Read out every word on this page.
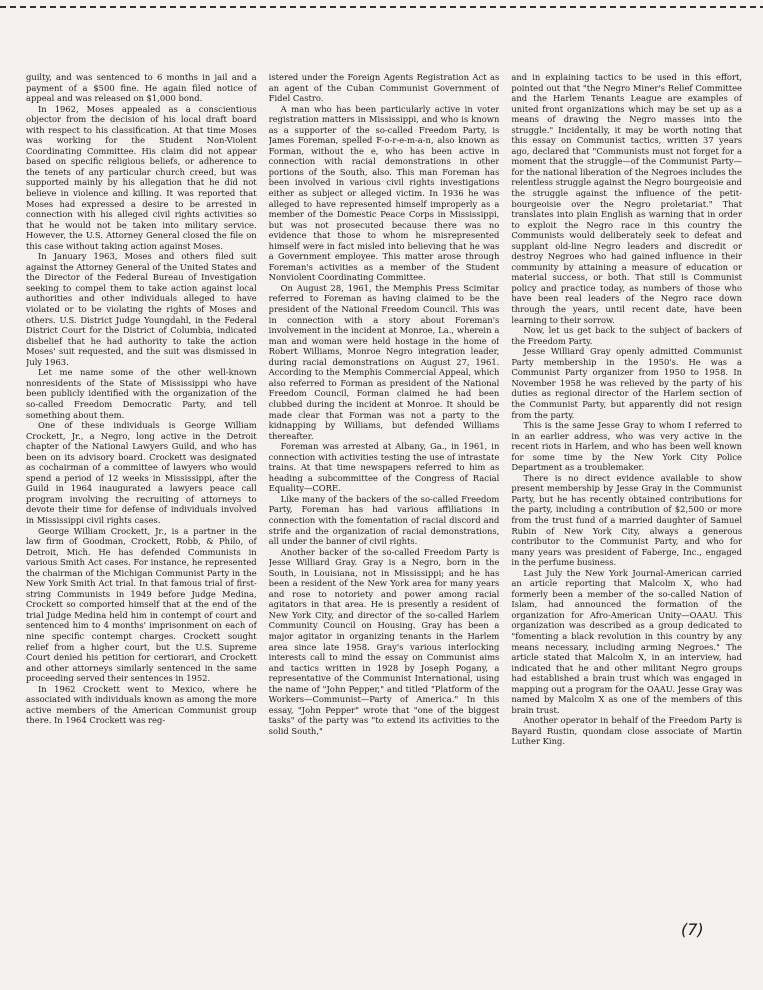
guilty, and was sentenced to 6 months in jail and a payment of a $500 fine. He again filed notice of appeal and was released on $1,000 bond.

In 1962, Moses appealed as a conscientious objector from the decision of his local draft board with respect to his classification. At that time Moses was working for the Student Non-Violent Coordinating Committee. His claim did not appear based on specific religious beliefs, or adherence to the tenets of any particular church creed, but was supported mainly by his allegation that he did not believe in violence and killing. It was reported that Moses had expressed a desire to be arrested in connection with his alleged civil rights activities so that he would not be taken into military service. However, the U.S. Attorney General closed the file on this case without taking action against Moses.

In January 1963, Moses and others filed suit against the Attorney General of the United States and the Director of the Federal Bureau of Investigation seeking to compel them to take action against local authorities and other individuals alleged to have violated or to be violating the rights of Moses and others. U.S. District Judge Youngdahl, in the Federal District Court for the District of Columbia, indicated disbelief that he had authority to take the action Moses' suit requested, and the suit was dismissed in July 1963.

Let me name some of the other well-known nonresidents of the State of Mississippi who have been publicly identified with the organization of the so-called Freedom Democratic Party, and tell something about them.

One of these individuals is George William Crockett, Jr., a Negro, long active in the Detroit chapter of the National Lawyers Guild, and who has been on its advisory board. Crockett was designated as cochairman of a committee of lawyers who would spend a period of 12 weeks in Mississippi, after the Guild in 1964 inaugurated a lawyers peace call program involving the recruiting of attorneys to devote their time for defense of individuals involved in Mississippi civil rights cases.

George William Crockett, Jr., is a partner in the law firm of Goodman, Crockett, Robb, & Philo, of Detroit, Mich. He has defended Communists in various Smith Act cases. For instance, he represented the chairman of the Michigan Communist Party in the New York Smith Act trial. In that famous trial of first-string Communists in 1949 before Judge Medina, Crockett so comported himself that at the end of the trial Judge Medina held him in contempt of court and sentenced him to 4 months' imprisonment on each of nine specific contempt charges. Crockett sought relief from a higher court, but the U.S. Supreme Court denied his petition for certiorari, and Crockett and other attorneys similarly sentenced in the same proceeding served their sentences in 1952.

In 1962 Crockett went to Mexico, where he associated with individuals known as among the more active members of the American Communist group there. In 1964 Crockett was reg-

istered under the Foreign Agents Registration Act as an agent of the Cuban Communist Government of Fidel Castro.

A man who has been particularly active in voter registration matters in Mississippi, and who is known as a supporter of the so-called Freedom Party, is James Foreman, spelled F-o-r-e-m-a-n, also known as Forman, without the e, who has been active in connection with racial demonstrations in other portions of the South, also. This man Foreman has been involved in various civil rights investigations either as subject or alleged victim. In 1936 he was alleged to have represented himself improperly as a member of the Domestic Peace Corps in Mississippi, but was not prosecuted because there was no evidence that those to whom he misrepresented himself were in fact misled into believing that he was a Government employee. This matter arose through Foreman's activities as a member of the Student Nonviolent Coordinating Committee.

On August 28, 1961, the Memphis Press Scimitar referred to Foreman as having claimed to be the president of the National Freedom Council. This was in connection with a story about Foreman's involvement in the incident at Monroe, La., wherein a man and woman were held hostage in the home of Robert Williams, Monroe Negro integration leader, during racial demonstrations on August 27, 1961. According to the Memphis Commercial Appeal, which also referred to Forman as president of the National Freedom Council, Forman claimed he had been clubbed during the incident at Monroe. It should be made clear that Forman was not a party to the kidnapping by Williams, but defended Williams thereafter.

Foreman was arrested at Albany, Ga., in 1961, in connection with activities testing the use of intrastate trains. At that time newspapers referred to him as heading a subcommittee of the Congress of Racial Equality—CORE.

Like many of the backers of the so-called Freedom Party, Foreman has had various affiliations in connection with the fomentation of racial discord and strife and the organization of racial demonstrations, all under the banner of civil rights.

Another backer of the so-called Freedom Party is Jesse Williard Gray. Gray is a Negro, born in the South, in Louisiana, not in Mississippi; and he has been a resident of the New York area for many years and rose to notoriety and power among racial agitators in that area. He is presently a resident of New York City, and director of the so-called Harlem Community Council on Housing. Gray has been a major agitator in organizing tenants in the Harlem area since late 1958. Gray's various interlocking interests call to mind the essay on Communist aims and tactics written in 1928 by Joseph Pogany, a representative of the Communist International, using the name of "John Pepper," and titled "Platform of the Workers—Communist—Party of America." In this essay, "John Pepper" wrote that "one of the biggest tasks" of the party was "to extend its activities to the solid South,"

and in explaining tactics to be used in this effort, pointed out that "the Negro Miner's Relief Committee and the Harlem Tenants League are examples of united front organizations which may be set up as a means of drawing the Negro masses into the struggle." Incidentally, it may be worth noting that this essay on Communist tactics, written 37 years ago, declared that "Communists must not forget for a moment that the struggle—of the Communist Party—for the national liberation of the Negroes includes the relentless struggle against the Negro bourgeoisie and the struggle against the influence of the petit-bourgeoisie over the Negro proletariat." That translates into plain English as warning that in order to exploit the Negro race in this country the Communists would deliberately seek to defeat and supplant old-line Negro leaders and discredit or destroy Negroes who had gained influence in their community by attaining a measure of education or material success, or both. That still is Communist policy and practice today, as numbers of those who have been real leaders of the Negro race down through the years, until recent date, have been learning to their sorrow.

Now, let us get back to the subject of backers of the Freedom Party.

Jesse Williard Gray openly admitted Communist Party membership in the 1950's. He was a Communist Party organizer from 1950 to 1958. In November 1958 he was relieved by the party of his duties as regional director of the Harlem section of the Communist Party, but apparently did not resign from the party.

This is the same Jesse Gray to whom I referred to in an earlier address, who was very active in the recent riots in Harlem, and who has been well known for some time by the New York City Police Department as a troublemaker.

There is no direct evidence available to show present membership by Jesse Gray in the Communist Party, but he has recently obtained contributions for the party, including a contribution of $2,500 or more from the trust fund of a married daughter of Samuel Rubin of New York City, always a generous contributor to the Communist Party, and who for many years was president of Faberge, Inc., engaged in the perfume business.

Last July the New York Journal-American carried an article reporting that Malcolm X, who had formerly been a member of the so-called Nation of Islam, had announced the formation of the organization for Afro-American Unity—OAAU. This organization was described as a group dedicated to "fomenting a black revolution in this country by any means necessary, including arming Negroes." The article stated that Malcolm X, in an interview, had indicated that he and other militant Negro groups had established a brain trust which was engaged in mapping out a program for the OAAU. Jesse Gray was named by Malcolm X as one of the members of this brain trust.

Another operator in behalf of the Freedom Party is Bayard Rustin, quondam close associate of Martin Luther King.

(7)
